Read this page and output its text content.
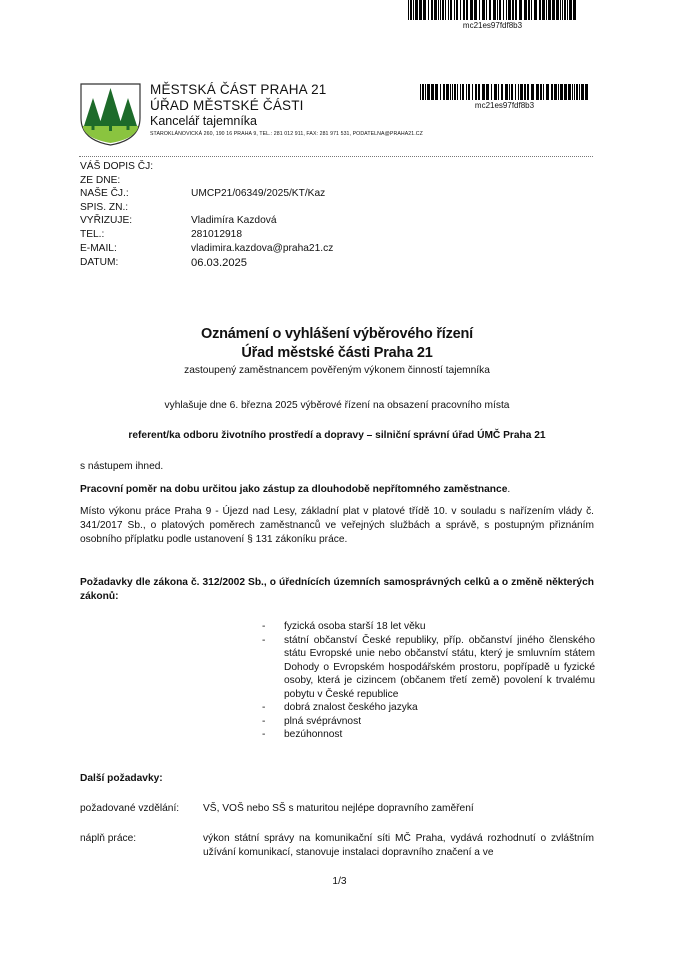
mc21es97fdf8b3
MĚSTSKÁ ČÁST PRAHA 21
ÚŘAD MĚSTSKÉ ČÁSTI
Kancelář tajemníka
STAROKLÁNOVICKÁ 260, 190 16 PRAHA 9, TEL.: 281 012 911, FAX: 281 971 531, PODATELNA@PRAHA21.CZ
mc21es97fdf8b3
VÁŠ DOPIS ČJ:
ZE DNE:
NAŠE ČJ.:	UMCP21/06349/2025/KT/Kaz
SPIS. ZN.:
VYŘIZUJE:	Vladimíra Kazdová
TEL.:	281012918
E-MAIL:	vladimira.kazdova@praha21.cz
DATUM:	06.03.2025
Oznámení o vyhlášení výběrového řízení
Úřad městské části Praha 21
zastoupený zaměstnancem pověřeným výkonem činností tajemníka
vyhlašuje dne 6. března 2025 výběrové řízení na obsazení pracovního místa
referent/ka odboru životního prostředí a dopravy – silniční správní úřad ÚMČ Praha 21
s nástupem ihned.
Pracovní poměr na dobu určitou jako zástup za dlouhodobě nepřítomného zaměstnance.
Místo výkonu práce Praha 9 - Újezd nad Lesy, základní plat v platové třídě 10. v souladu s nařízením vlády č. 341/2017 Sb., o platových poměrech zaměstnanců ve veřejných službách a správě, s postupným přiznáním osobního příplatku podle ustanovení § 131 zákoníku práce.
Požadavky dle zákona č. 312/2002 Sb., o úřednících územních samosprávných celků a o změně některých zákonů:
-	fyzická osoba starší 18 let věku
-	státní občanství České republiky, příp. občanství jiného členského státu Evropské unie nebo občanství státu, který je smluvním státem Dohody o Evropském hospodářském prostoru, popřípadě u fyzické osoby, která je cizincem (občanem třetí země) povolení k trvalému pobytu v České republice
-	dobrá znalost českého jazyka
-	plná svéprávnost
-	bezúhonnost
Další požadavky:
požadované vzdělání:	VŠ, VOŠ nebo SŠ s maturitou nejlépe dopravního zaměření
náplň práce:	výkon státní správy na komunikační síti MČ Praha, vydává rozhodnutí o zvláštním užívání komunikací, stanovuje instalaci dopravního značení a ve
1/3
